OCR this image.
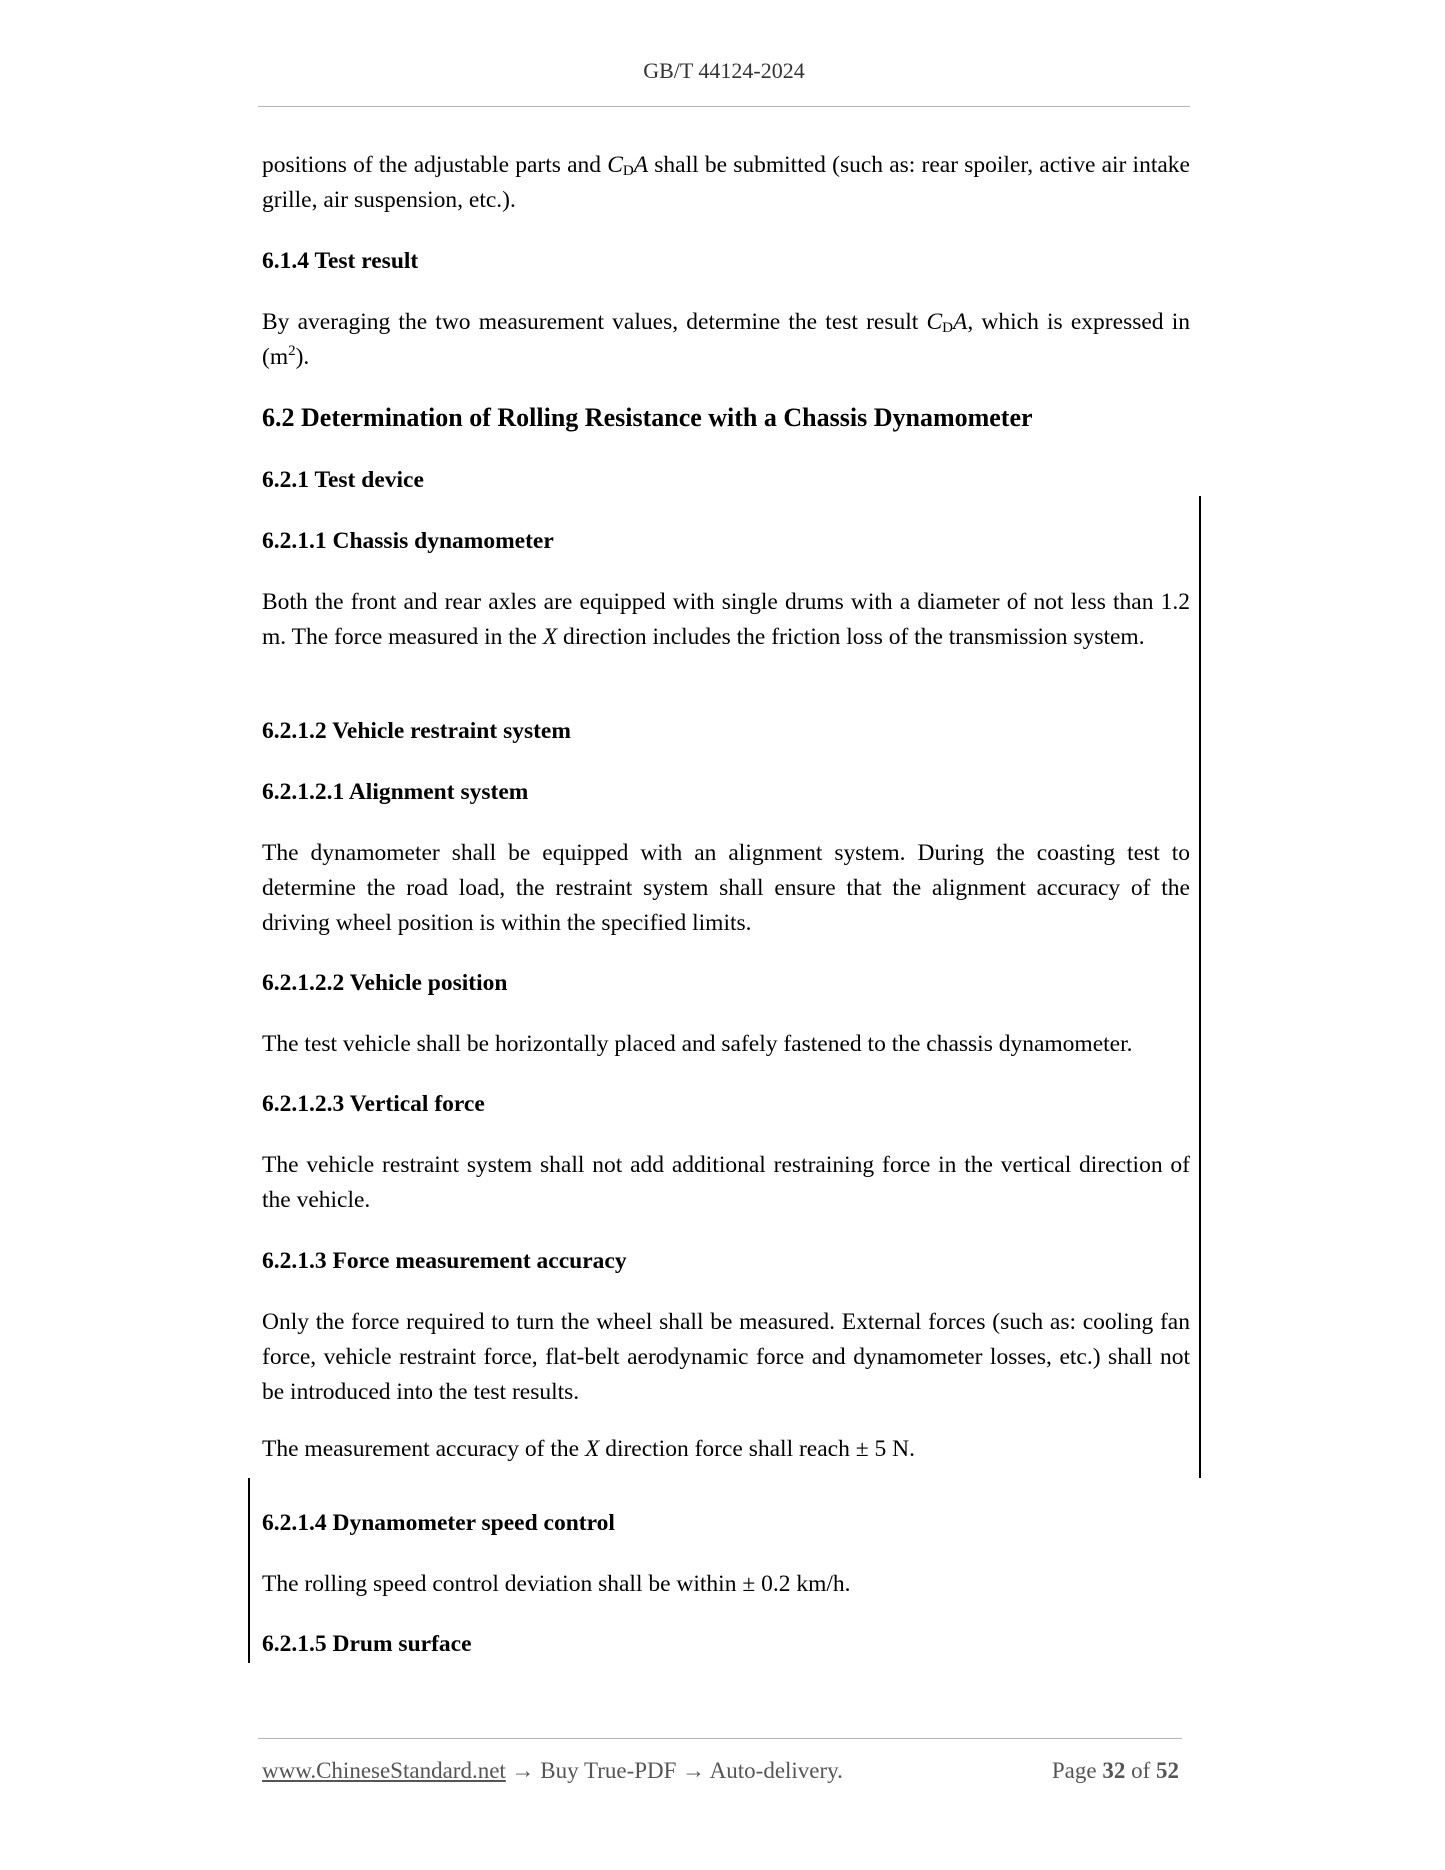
GB/T 44124-2024

positions of the adjustable parts and $C_DA$ shall be submitted (such as: rear spoiler, active air intake grille, air suspension, etc.).

6.1.4 Test result

By averaging the two measurement values, determine the test result $C_DA$, which is expressed in $(m^2)$.

6.2 Determination of Rolling Resistance with a Chassis Dynamometer
6.2.1 Test device
6.2.1.1 Chassis dynamometer

Both the front and rear axles are equipped with single drums with a diameter of not less than 1.2 m. The force measured in the X direction includes the friction loss of the transmission system.

6.2.1.2 Vehicle restraint system
6.2.1.2.1 Alignment system

The dynamometer shall be equipped with an alignment system. During the coasting test to determine the road load, the restraint system shall ensure that the alignment accuracy of the driving wheel position is within the specified limits.

6.2.1.2.2 Vehicle position

The test vehicle shall be horizontally placed and safely fastened to the chassis dynamometer.

6.2.1.2.3 Vertical force

The vehicle restraint system shall not add additional restraining force in the vertical direction of the vehicle.

6.2.1.3 Force measurement accuracy

Only the force required to turn the wheel shall be measured. External forces (such as: cooling fan force, vehicle restraint force, flat-belt aerodynamic force and dynamometer losses, etc.) shall not be introduced into the test results.

The measurement accuracy of the X direction force shall reach ± 5 N.

6.2.1.4 Dynamometer speed control

The rolling speed control deviation shall be within ± 0.2 km/h.

6.2.1.5 Drum surface
www.ChineseStandard.net → Buy True-PDF → Auto-delivery.	Page 32 of 52
